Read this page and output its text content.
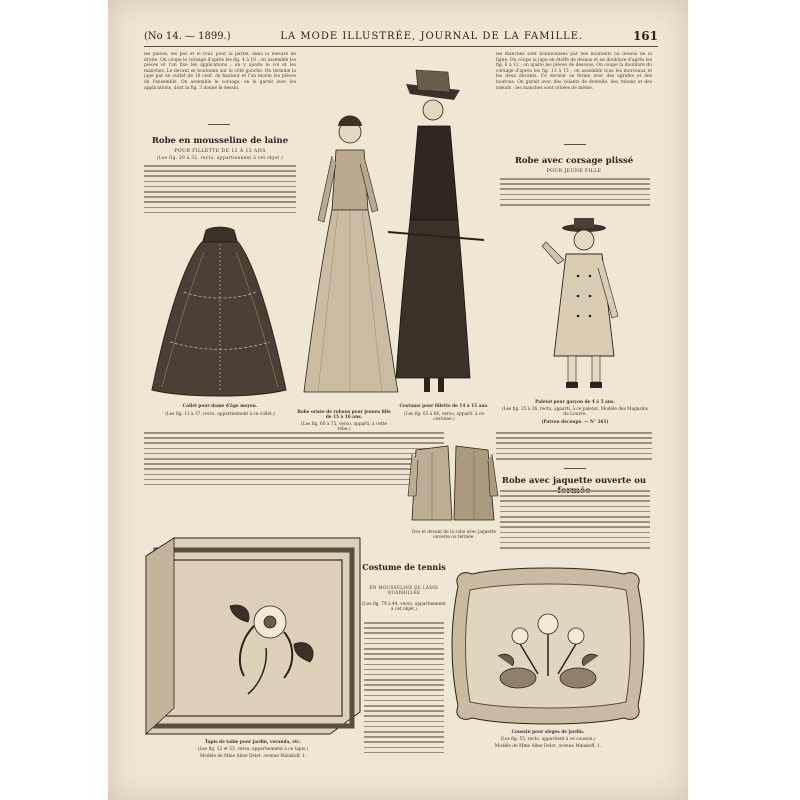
(No 14. — 1899.)	LA MODE ILLUSTRÉE, JOURNAL DE LA FAMILLE.	161
les pinces, les plis et le tour, pour la partie, dans la mesure de droite. On coupe le corsage d'après les fig. 4 à 10 ; on assemble les pièces et l'on fixe les applications ; on y ajoute le col et les manches. Le devant se boutonne sur le côté gauche. On termine la jupe par un ourlet de 10 cent. de hauteur et l'on monte les pièces de l'ensemble. On assemble le corsage, on le garnit avec les applications, dont la fig. 3 donne le dessin.
Robe en mousseline de laine
POUR FILLETTE DE 12 À 13 ANS
(Les fig. 20 à 32, recto, appartiennent à cet objet.)
Collet pour dame d'âge moyen.
(Les fig. 11 à 37, recto, appartiennent à ce collet.)	Robe ornée de rubans pour jeunes fille de 15 à 16 ans.
(Les fig. 60 à 75, verso, apparti. à cette robe.)
Costume pour fillette de 14 à 15 ans.
(Les fig. 63 à 66, verso, apparti. à ce costume.)
les manches sont bouillonnées par des montants au dessus de la ligne. On coupe la jupe en étoffe de dessus et en doublure d'après les fig. 6 à 12 ; on ajuste les pièces de dessous. On coupe la doublure du corsage d'après les fig. 13 à 15 ; on assemble tous les morceaux et les deux devants. Ce dernier se ferme avec des agrafes et des boutons. On garnit avec des volants de dentelle, des rubans et des nœuds ; les manches sont ornées de même.
Robe avec corsage plissé
POUR JEUNE FILLE
Paletot pour garçon de 4 à 5 ans.
(Les fig. 25 à 36, recto, apparti. à ce paletot. Modèle des Magasins du Louvre.
(Patron découpé. — N° 261)
Dos et devant de la robe avec jaquette ouverte ou fermée.
Robe avec jaquette ouverte ou
Tapis de table pour jardin, véranda, etc.
(Les fig. 52 et 53, verso, appartiennent à ce tapis.)
Modèle de Mme Aline Delet, avenue Malakoff, 1.
Costume de tennis
EN MOUSSELINE DE LAINE QUADRILLÉE
(Les fig. 79 à 44, verso, appartiennent à cet objet.)
Coussin pour sièges de jardin.
(Les fig. 55, recto, appartient à ce coussin.)
Modèle de Mme Aline Delet, avenue Malakoff, 1.
